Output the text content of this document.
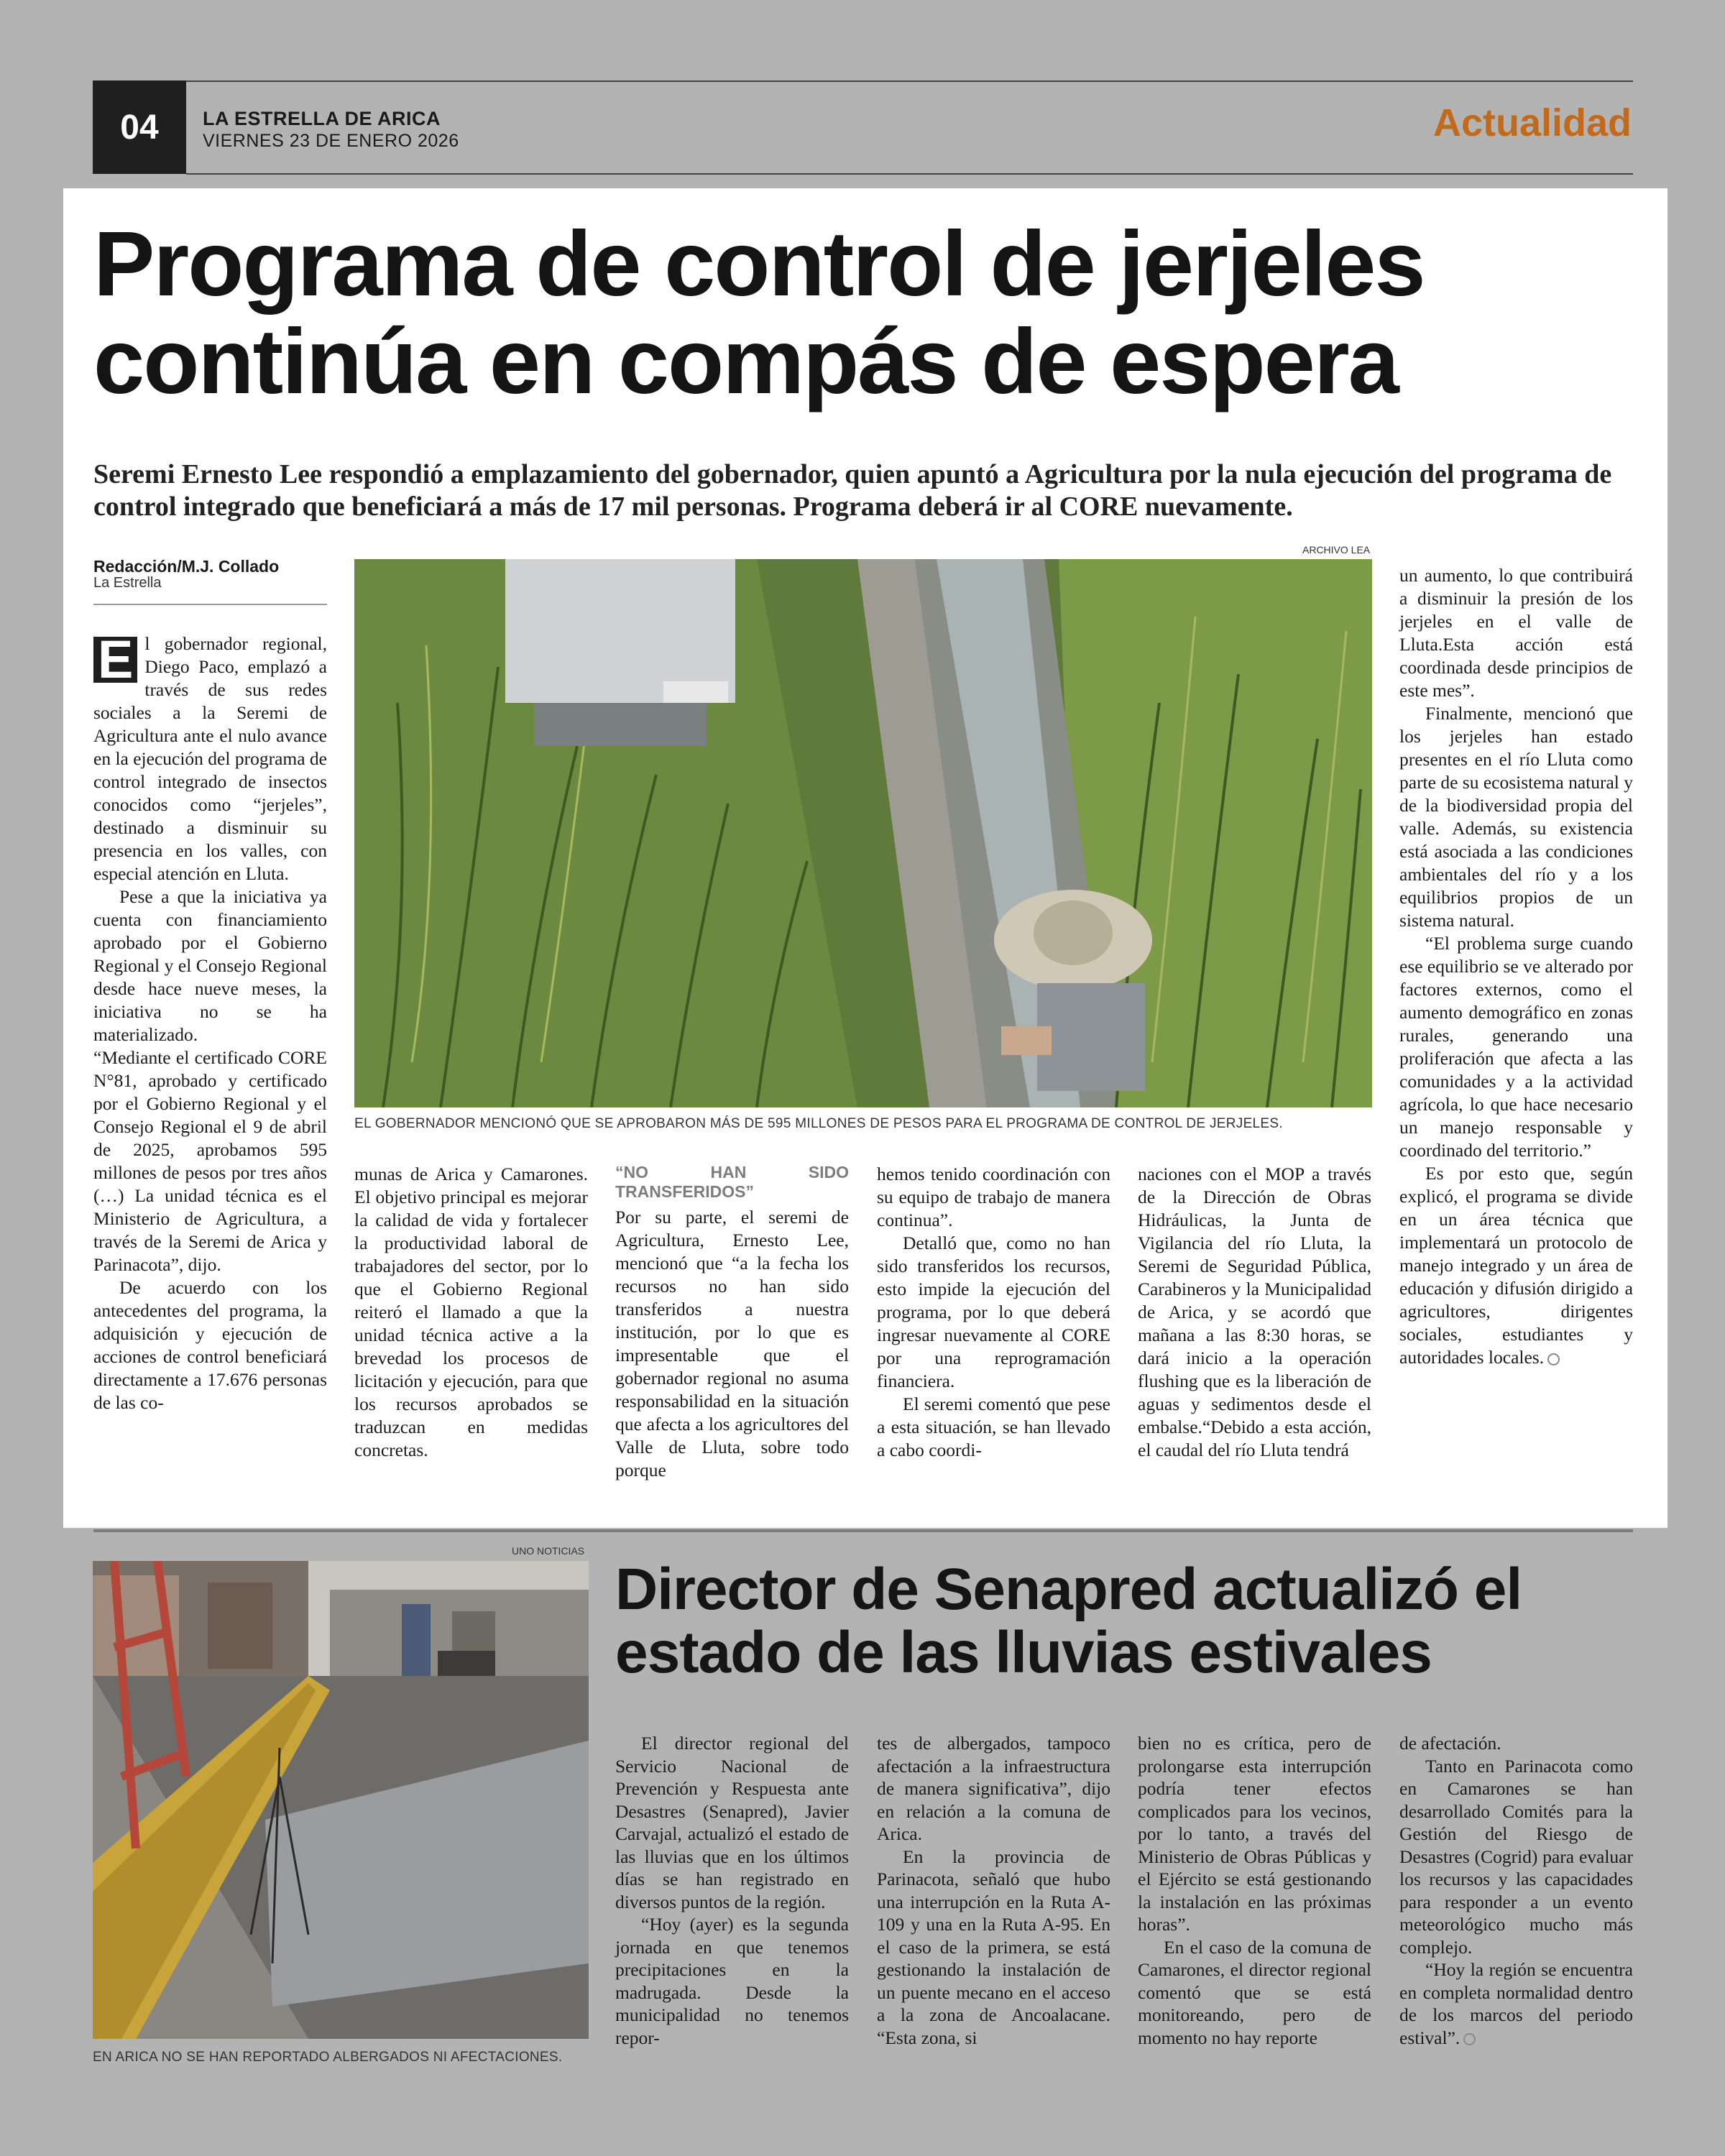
04	LA ESTRELLA DE ARICA
VIERNES 23 DE ENERO 2026	Actualidad
Programa de control de jerjeles
continúa en compás de espera
Seremi Ernesto Lee respondió a emplazamiento del gobernador, quien apuntó a Agricultura por la nula ejecución del programa de control integrado que beneficiará a más de 17 mil personas. Programa deberá ir al CORE nuevamente.
Redacción/M.J. Collado
La Estrella
ARCHIVO LEA
EL GOBERNADOR MENCIONÓ QUE SE APROBARON MÁS DE 595 MILLONES DE PESOS PARA EL PROGRAMA DE CONTROL DE JERJELES.

E l gobernador regional, Diego Paco, emplazó a través de sus redes sociales a la Seremi de Agricultura ante el nulo avance en la ejecución del programa de control integrado de insectos conocidos como “jerjeles”, destinado a disminuir su presencia en los valles, con especial atención en Lluta.

Pese a que la iniciativa ya cuenta con financiamiento aprobado por el Gobierno Regional y el Consejo Regional desde hace nueve meses, la iniciativa no se ha materializado.

“Mediante el certificado CORE N°81, aprobado y certificado por el Gobierno Regional y el Consejo Regional el 9 de abril de 2025, aprobamos 595 millones de pesos por tres años (…) La unidad técnica es el Ministerio de Agricultura, a través de la Seremi de Arica y Parinacota”, dijo.

De acuerdo con los antecedentes del programa, la adquisición y ejecución de acciones de control beneficiará directamente a 17.676 personas de las co-

munas de Arica y Camarones. El objetivo principal es mejorar la calidad de vida y fortalecer la productividad laboral de trabajadores del sector, por lo que el Gobierno Regional reiteró el llamado a que la unidad técnica active a la brevedad los procesos de licitación y ejecución, para que los recursos aprobados se traduzcan en medidas concretas.

“NO HAN SIDO TRANSFERIDOS”

Por su parte, el seremi de Agricultura, Ernesto Lee, mencionó que “a la fecha los recursos no han sido transferidos a nuestra institución, por lo que es impresentable que el gobernador regional no asuma responsabilidad en la situación que afecta a los agricultores del Valle de Lluta, sobre todo porque

hemos tenido coordinación con su equipo de trabajo de manera continua”.

Detalló que, como no han sido transferidos los recursos, esto impide la ejecución del programa, por lo que deberá ingresar nuevamente al CORE por una reprogramación financiera.

El seremi comentó que pese a esta situación, se han llevado a cabo coordi-

naciones con el MOP a través de la Dirección de Obras Hidráulicas, la Junta de Vigilancia del río Lluta, la Seremi de Seguridad Pública, Carabineros y la Municipalidad de Arica, y se acordó que mañana a las 8:30 horas, se dará inicio a la operación flushing que es la liberación de aguas y sedimentos desde el embalse.“Debido a esta acción, el caudal del río Lluta tendrá

un aumento, lo que contribuirá a disminuir la presión de los jerjeles en el valle de Lluta.Esta acción está coordinada desde principios de este mes”.

Finalmente, mencionó que los jerjeles han estado presentes en el río Lluta como parte de su ecosistema natural y de la biodiversidad propia del valle. Además, su existencia está asociada a las condiciones ambientales del río y a los equilibrios propios de un sistema natural.

“El problema surge cuando ese equilibrio se ve alterado por factores externos, como el aumento demográfico en zonas rurales, generando una proliferación que afecta a las comunidades y a la actividad agrícola, lo que hace necesario un manejo responsable y coordinado del territorio.”

Es por esto que, según explicó, el programa se divide en un área técnica que implementará un protocolo de manejo integrado y un área de educación y difusión dirigido a agricultores, dirigentes sociales, estudiantes y autoridades locales.

UNO NOTICIAS
EN ARICA NO SE HAN REPORTADO ALBERGADOS NI AFECTACIONES.
Director de Senapred actualizó el
estado de las lluvias estivales

El director regional del Servicio Nacional de Prevención y Respuesta ante Desastres (Senapred), Javier Carvajal, actualizó el estado de las lluvias que en los últimos días se han registrado en diversos puntos de la región.

“Hoy (ayer) es la segunda jornada en que tenemos precipitaciones en la madrugada. Desde la municipalidad no tenemos repor-

tes de albergados, tampoco afectación a la infraestructura de manera significativa”, dijo en relación a la comuna de Arica.

En la provincia de Parinacota, señaló que hubo una interrupción en la Ruta A-109 y una en la Ruta A-95. En el caso de la primera, se está gestionando la instalación de un puente mecano en el acceso a la zona de Ancoalacane. “Esta zona, si

bien no es crítica, pero de prolongarse esta interrupción podría tener efectos complicados para los vecinos, por lo tanto, a través del Ministerio de Obras Públicas y el Ejército se está gestionando la instalación en las próximas horas”.

En el caso de la comuna de Camarones, el director regional comentó que se está monitoreando, pero de momento no hay reporte

de afectación.

Tanto en Parinacota como en Camarones se han desarrollado Comités para la Gestión del Riesgo de Desastres (Cogrid) para evaluar los recursos y las capacidades para responder a un evento meteorológico mucho más complejo.

“Hoy la región se encuentra en completa normalidad dentro de los marcos del periodo estival”.
